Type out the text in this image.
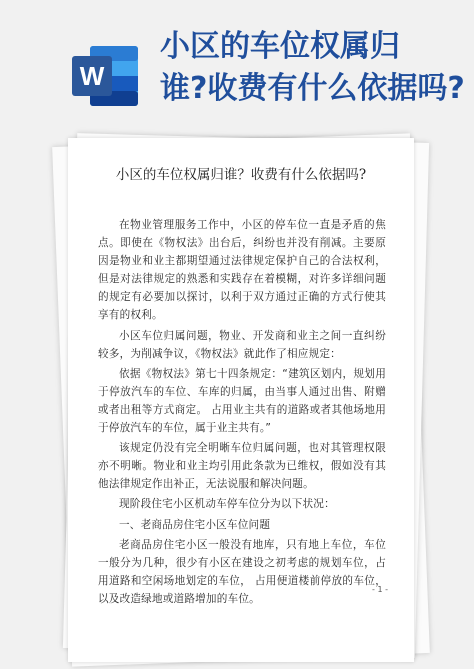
W
小区的车位权属归
谁?收费有什么依据吗?
小区的车位权属归谁？收费有什么依据吗?

在物业管理服务工作中，小区的停车位一直是矛盾的焦点。即使在《物权法》出台后，纠纷也并没有削减。主要原因是物业和业主都期望通过法律规定保护自己的合法权利，但是对法律规定的熟悉和实践存在着模糊，对许多详细问题的规定有必要加以探讨，以利于双方通过正确的方式行使其享有的权利。

小区车位归属问题，物业、开发商和业主之间一直纠纷较多，为削减争议，《物权法》就此作了相应规定：

依据《物权法》第七十四条规定：“建筑区划内，规划用于停放汽车的车位、车库的归属，由当事人通过出售、附赠或者出租等方式商定。 占用业主共有的道路或者其他场地用于停放汽车的车位，属于业主共有。”

该规定仍没有完全明晰车位归属问题，也对其管理权限亦不明晰。物业和业主均引用此条款为已维权，假如没有其他法律规定作出补正，无法说服和解决问题。

现阶段住宅小区机动车停车位分为以下状况：

一、老商品房住宅小区车位问题

老商品房住宅小区一般没有地库，只有地上车位，车位一般分为几种，很少有小区在建设之初考虑的规划车位，占用道路和空闲场地划定的车位， 占用便道楼前停放的车位，以及改造绿地或道路增加的车位。

- 1 -
